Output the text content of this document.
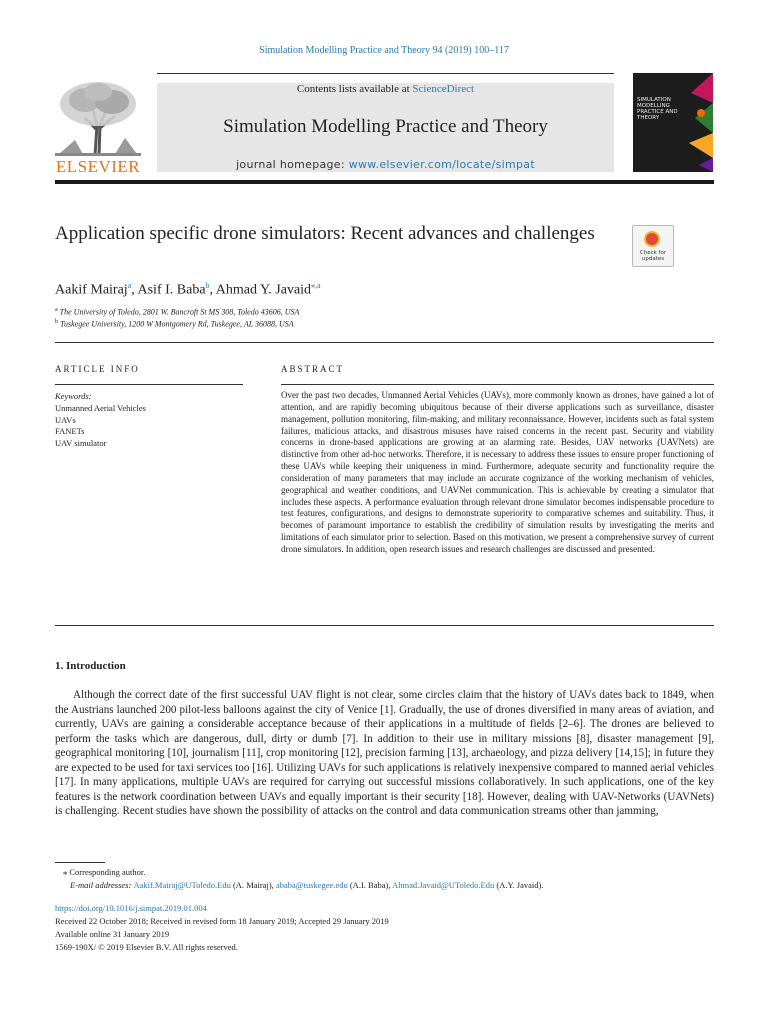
Simulation Modelling Practice and Theory 94 (2019) 100–117
ELSEVIER
Contents lists available at ScienceDirect
Simulation Modelling Practice and Theory
journal homepage: www.elsevier.com/locate/simpat
SIMULATION MODELLING PRACTICE AND THEORY
Application specific drone simulators: Recent advances and challenges
Check for updates
Aakif Mairaj$^a$, Asif I. Baba$^b$, Ahmad Y. Javaid$^{⁎,a}$
$^a$ The University of Toledo, 2801 W. Bancroft St MS 308, Toledo 43606, USA
$^b$ Tuskegee University, 1200 W Montgomery Rd, Tuskegee, AL 36088, USA
ARTICLE INFO
Keywords:
Unmanned Aerial Vehicles
UAVs
FANETs
UAV simulator
ABSTRACT
Over the past two decades, Unmanned Aerial Vehicles (UAVs), more commonly known as drones, have gained a lot of attention, and are rapidly becoming ubiquitous because of their diverse applications such as surveillance, disaster management, pollution monitoring, film-making, and military reconnaissance. However, incidents such as fatal system failures, malicious attacks, and disastrous misuses have raised concerns in the recent past. Security and viability concerns in drone-based applications are growing at an alarming rate. Besides, UAV networks (UAVNets) are distinctive from other ad-hoc networks. Therefore, it is necessary to address these issues to ensure proper functioning of these UAVs while keeping their uniqueness in mind. Furthermore, adequate security and functionality require the consideration of many parameters that may include an accurate cognizance of the working mechanism of vehicles, geographical and weather conditions, and UAVNet communication. This is achievable by creating a simulator that includes these aspects. A performance evaluation through relevant drone simulator becomes indispensable procedure to test features, configurations, and designs to demonstrate superiority to comparative schemes and suitability. Thus, it becomes of paramount importance to establish the credibility of simulation results by investigating the merits and limitations of each simulator prior to selection. Based on this motivation, we present a comprehensive survey of current drone simulators. In addition, open research issues and research challenges are discussed and presented.
1. Introduction

Although the correct date of the first successful UAV flight is not clear, some circles claim that the history of UAVs dates back to 1849, when the Austrians launched 200 pilot-less balloons against the city of Venice [1]. Gradually, the use of drones diversified in many areas of aviation, and currently, UAVs are gaining a considerable acceptance because of their applications in a multitude of fields [2–6]. The drones are believed to perform the tasks which are dangerous, dull, dirty or dumb [7]. In addition to their use in military missions [8], disaster management [9], geographical monitoring [10], journalism [11], crop monitoring [12], precision farming [13], archaeology, and pizza delivery [14,15]; in future they are expected to be used for taxi services too [16]. Utilizing UAVs for such applications is relatively inexpensive compared to manned aerial vehicles [17]. In many applications, multiple UAVs are required for carrying out successful missions collaboratively. In such applications, one of the key features is the network coordination between UAVs and equally important is their security [18]. However, dealing with UAV-Networks (UAVNets) is challenging. Recent studies have shown the possibility of attacks on the control and data communication streams other than jamming,

⁎ Corresponding author.
E-mail addresses: Aakif.Mairaj@UToledo.Edu (A. Mairaj), ababa@tuskegee.edu (A.I. Baba), Ahmad.Javaid@UToledo.Edu (A.Y. Javaid).
https://doi.org/10.1016/j.simpat.2019.01.004
Received 22 October 2018; Received in revised form 18 January 2019; Accepted 29 January 2019
Available online 31 January 2019
1569-190X/ © 2019 Elsevier B.V. All rights reserved.
